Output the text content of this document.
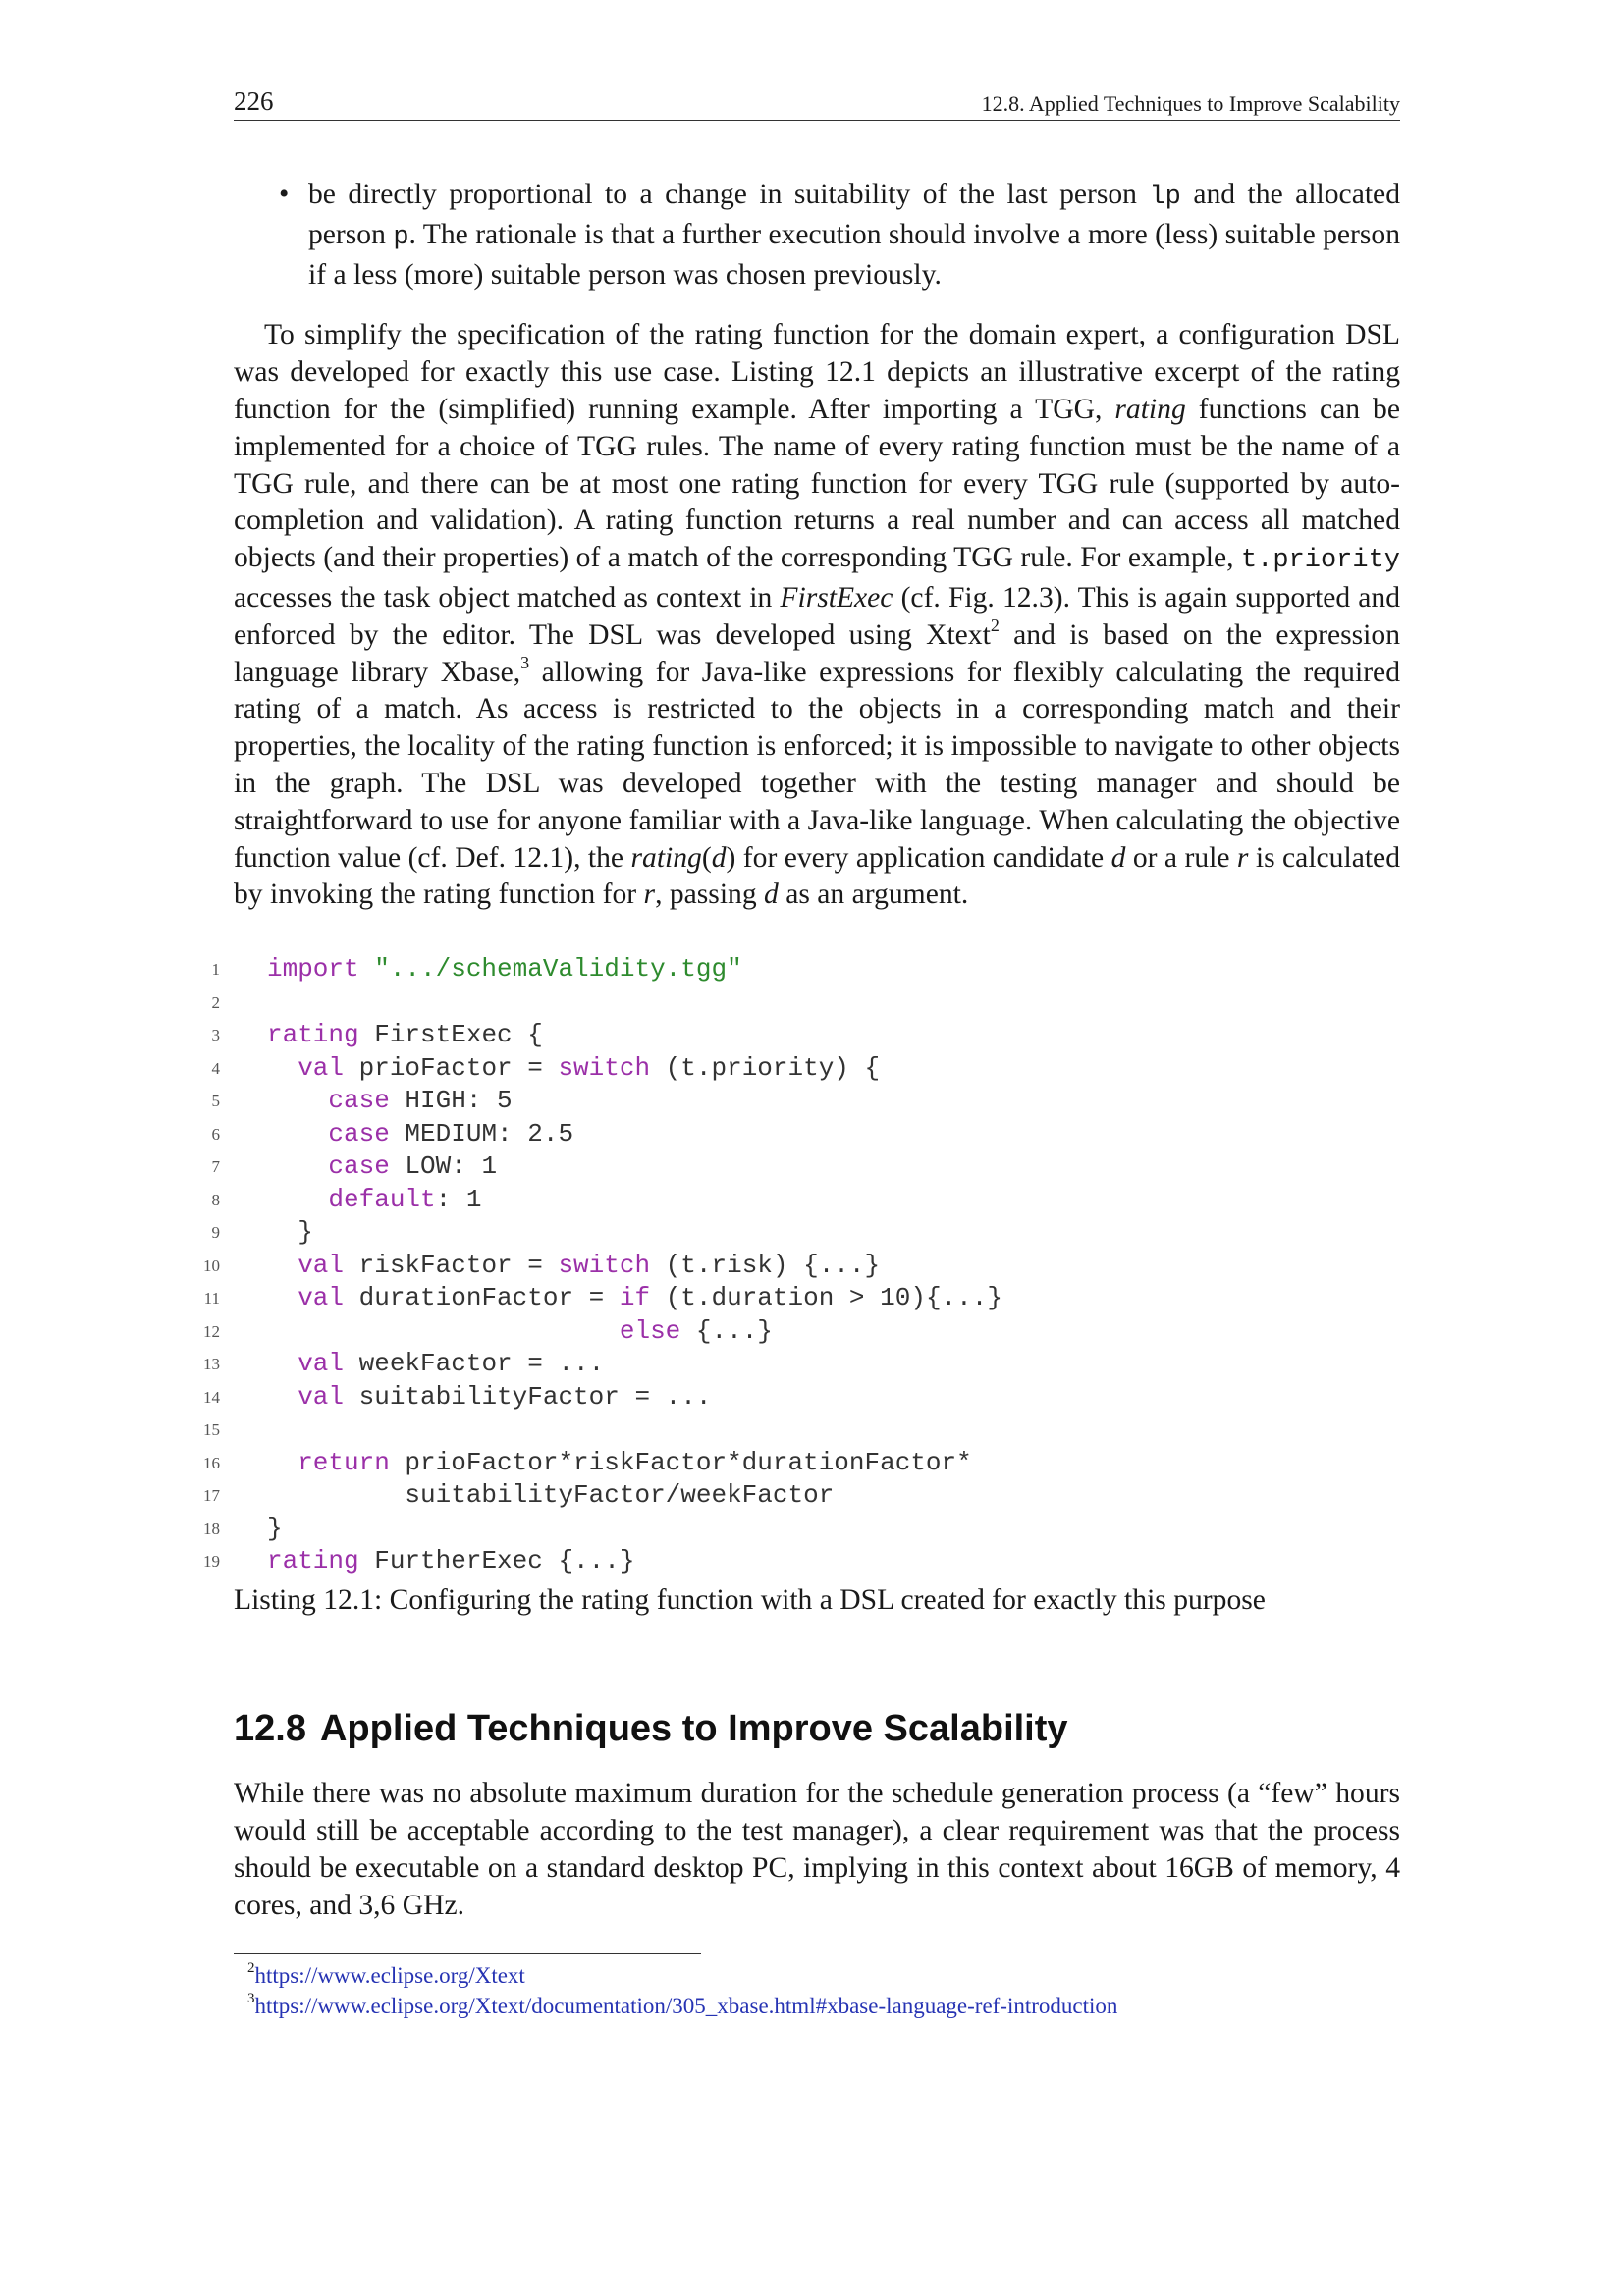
226	12.8. Applied Techniques to Improve Scalability
• be directly proportional to a change in suitability of the last person lp and the allocated person p. The rationale is that a further execution should involve a more (less) suitable person if a less (more) suitable person was chosen previously.

To simplify the specification of the rating function for the domain expert, a configuration DSL was developed for exactly this use case. Listing 12.1 depicts an illustrative excerpt of the rating function for the (simplified) running example. After importing a TGG, rating functions can be implemented for a choice of TGG rules. The name of every rating function must be the name of a TGG rule, and there can be at most one rating function for every TGG rule (supported by auto-completion and validation). A rating function returns a real number and can access all matched objects (and their properties) of a match of the corresponding TGG rule. For example, t.priority accesses the task object matched as context in FirstExec (cf. Fig. 12.3). This is again supported and enforced by the editor. The DSL was developed using Xtext$^2$ and is based on the expression language library Xbase,$^3$ allowing for Java-like expressions for flexibly calculating the required rating of a match. As access is restricted to the objects in a corresponding match and their properties, the locality of the rating function is enforced; it is impossible to navigate to other objects in the graph. The DSL was developed together with the testing manager and should be straightforward to use for anyone familiar with a Java-like language. When calculating the objective function value (cf. Def. 12.1), the rating(d) for every application candidate d or a rule r is calculated by invoking the rating function for r, passing d as an argument.

1 import ".../schemaValidity.tgg"
2
3 rating FirstExec {
4 val prioFactor = switch (t.priority) {
5 case HIGH: 5
6 case MEDIUM: 2.5
7 case LOW: 1
8 default: 1
9 }
10 val riskFactor = switch (t.risk) {...}
11 val durationFactor = if (t.duration > 10){...}
12 else {...}
13 val weekFactor = ...
14 val suitabilityFactor = ...
15
16 return prioFactor*riskFactor*durationFactor*
17 suitabilityFactor/weekFactor
18 }
19 rating FurtherExec {...}
Listing 12.1: Configuring the rating function with a DSL created for exactly this purpose
12.8 Applied Techniques to Improve Scalability

While there was no absolute maximum duration for the schedule generation process (a “few” hours would still be acceptable according to the test manager), a clear requirement was that the process should be executable on a standard desktop PC, implying in this context about 16GB of memory, 4 cores, and 3,6 GHz.

$^2$https://www.eclipse.org/Xtext
$^3$https://www.eclipse.org/Xtext/documentation/305_xbase.html#xbase-language-ref-introduction
